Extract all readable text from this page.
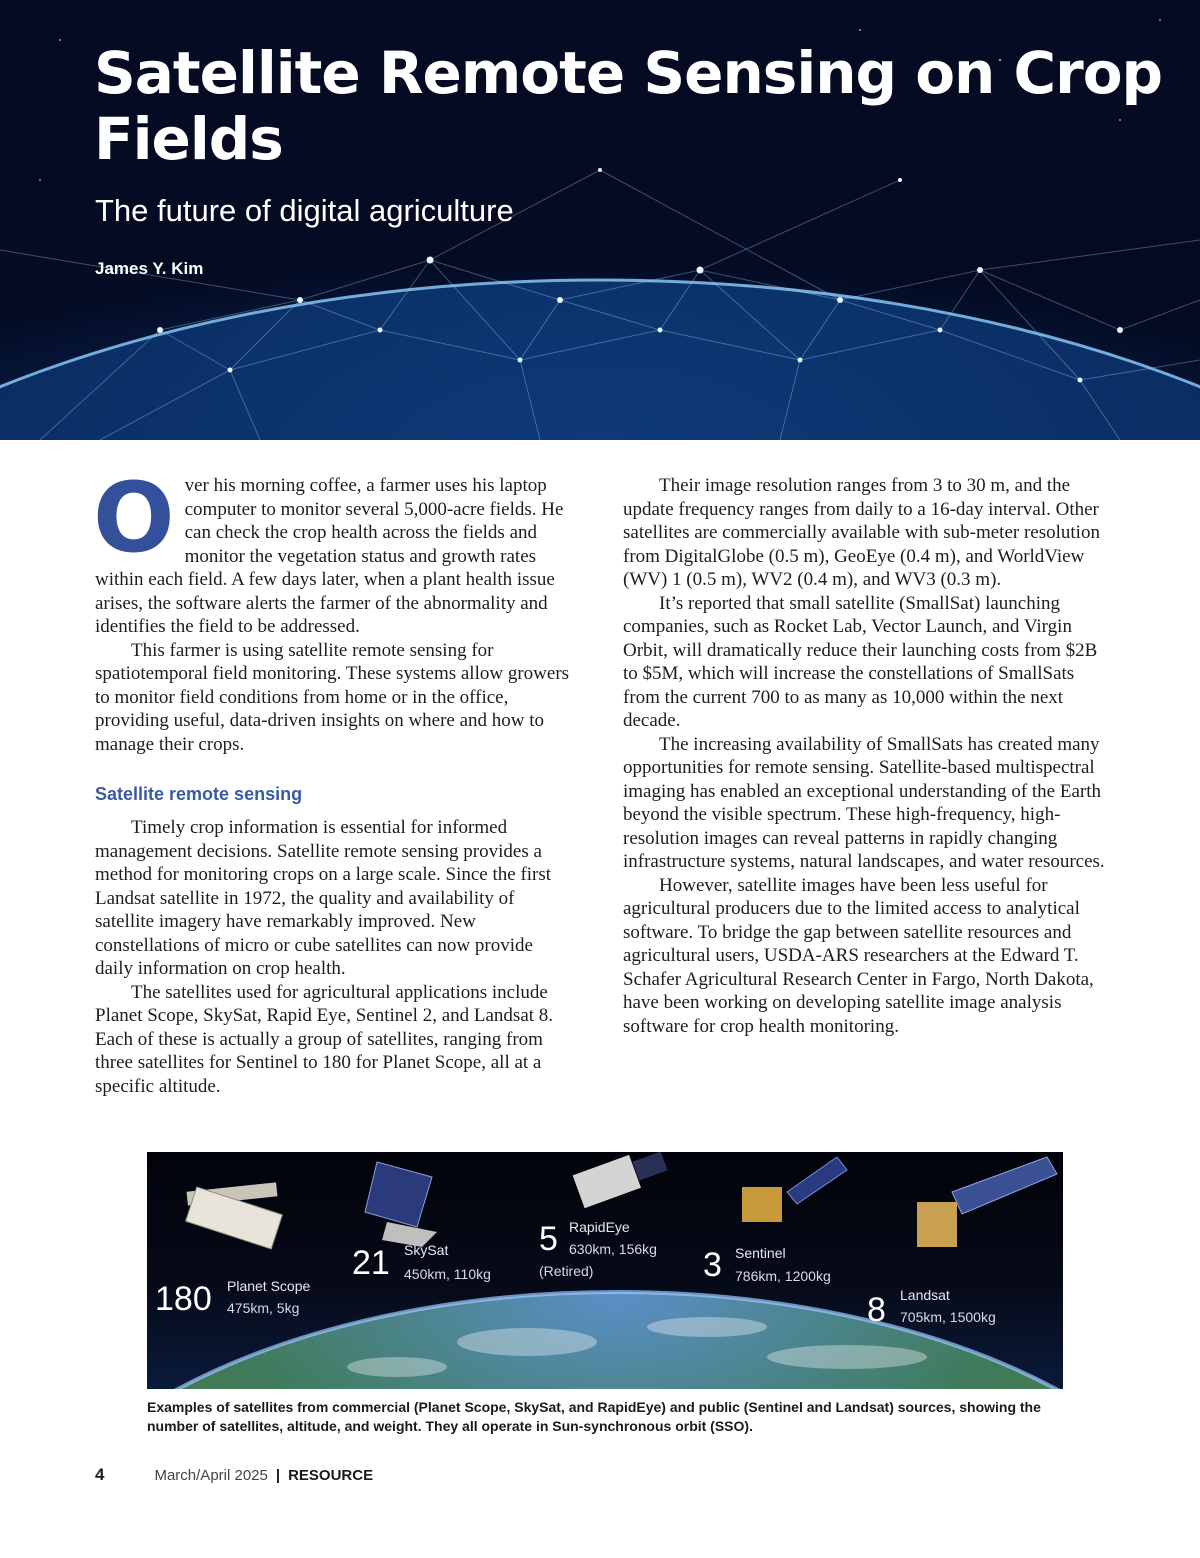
Satellite Remote Sensing on Crop Fields
The future of digital agriculture
James Y. Kim

Over his morning coffee, a farmer uses his laptop computer to monitor several 5,000-acre fields. He can check the crop health across the fields and monitor the vegetation status and growth rates within each field. A few days later, when a plant health issue arises, the software alerts the farmer of the abnormality and identifies the field to be addressed.

This farmer is using satellite remote sensing for spatiotemporal field monitoring. These systems allow growers to monitor field conditions from home or in the office, providing useful, data-driven insights on where and how to manage their crops.

Satellite remote sensing

Timely crop information is essential for informed management decisions. Satellite remote sensing provides a method for monitoring crops on a large scale. Since the first Landsat satellite in 1972, the quality and availability of satellite imagery have remarkably improved. New constellations of micro or cube satellites can now provide daily information on crop health.

The satellites used for agricultural applications include Planet Scope, SkySat, Rapid Eye, Sentinel 2, and Landsat 8. Each of these is actually a group of satellites, ranging from three satellites for Sentinel to 180 for Planet Scope, all at a specific altitude.

Their image resolution ranges from 3 to 30 m, and the update frequency ranges from daily to a 16-day interval. Other satellites are commercially available with sub-meter resolution from DigitalGlobe (0.5 m), GeoEye (0.4 m), and WorldView (WV) 1 (0.5 m), WV2 (0.4 m), and WV3 (0.3 m).

It’s reported that small satellite (SmallSat) launching companies, such as Rocket Lab, Vector Launch, and Virgin Orbit, will dramatically reduce their launching costs from $2B to $5M, which will increase the constellations of SmallSats from the current 700 to as many as 10,000 within the next decade.

The increasing availability of SmallSats has created many opportunities for remote sensing. Satellite-based multispectral imaging has enabled an exceptional understanding of the Earth beyond the visible spectrum. These high-frequency, high-resolution images can reveal patterns in rapidly changing infrastructure systems, natural landscapes, and water resources.

However, satellite images have been less useful for agricultural producers due to the limited access to analytical software. To bridge the gap between satellite resources and agricultural users, USDA-ARS researchers at the Edward T. Schafer Agricultural Research Center in Fargo, North Dakota, have been working on developing satellite image analysis software for crop health monitoring.

180 Planet Scope
475km, 5kg
21 SkySat
450km, 110kg
5 RapidEye
630km, 156kg
(Retired)	3 Sentinel
786km, 1200kg
8 Landsat
705km, 1500kg
Examples of satellites from commercial (Planet Scope, SkySat, and RapidEye) and public (Sentinel and Landsat) sources, showing the number of satellites, altitude, and weight. They all operate in Sun-synchronous orbit (SSO).
4	March/April 2025 | RESOURCE
